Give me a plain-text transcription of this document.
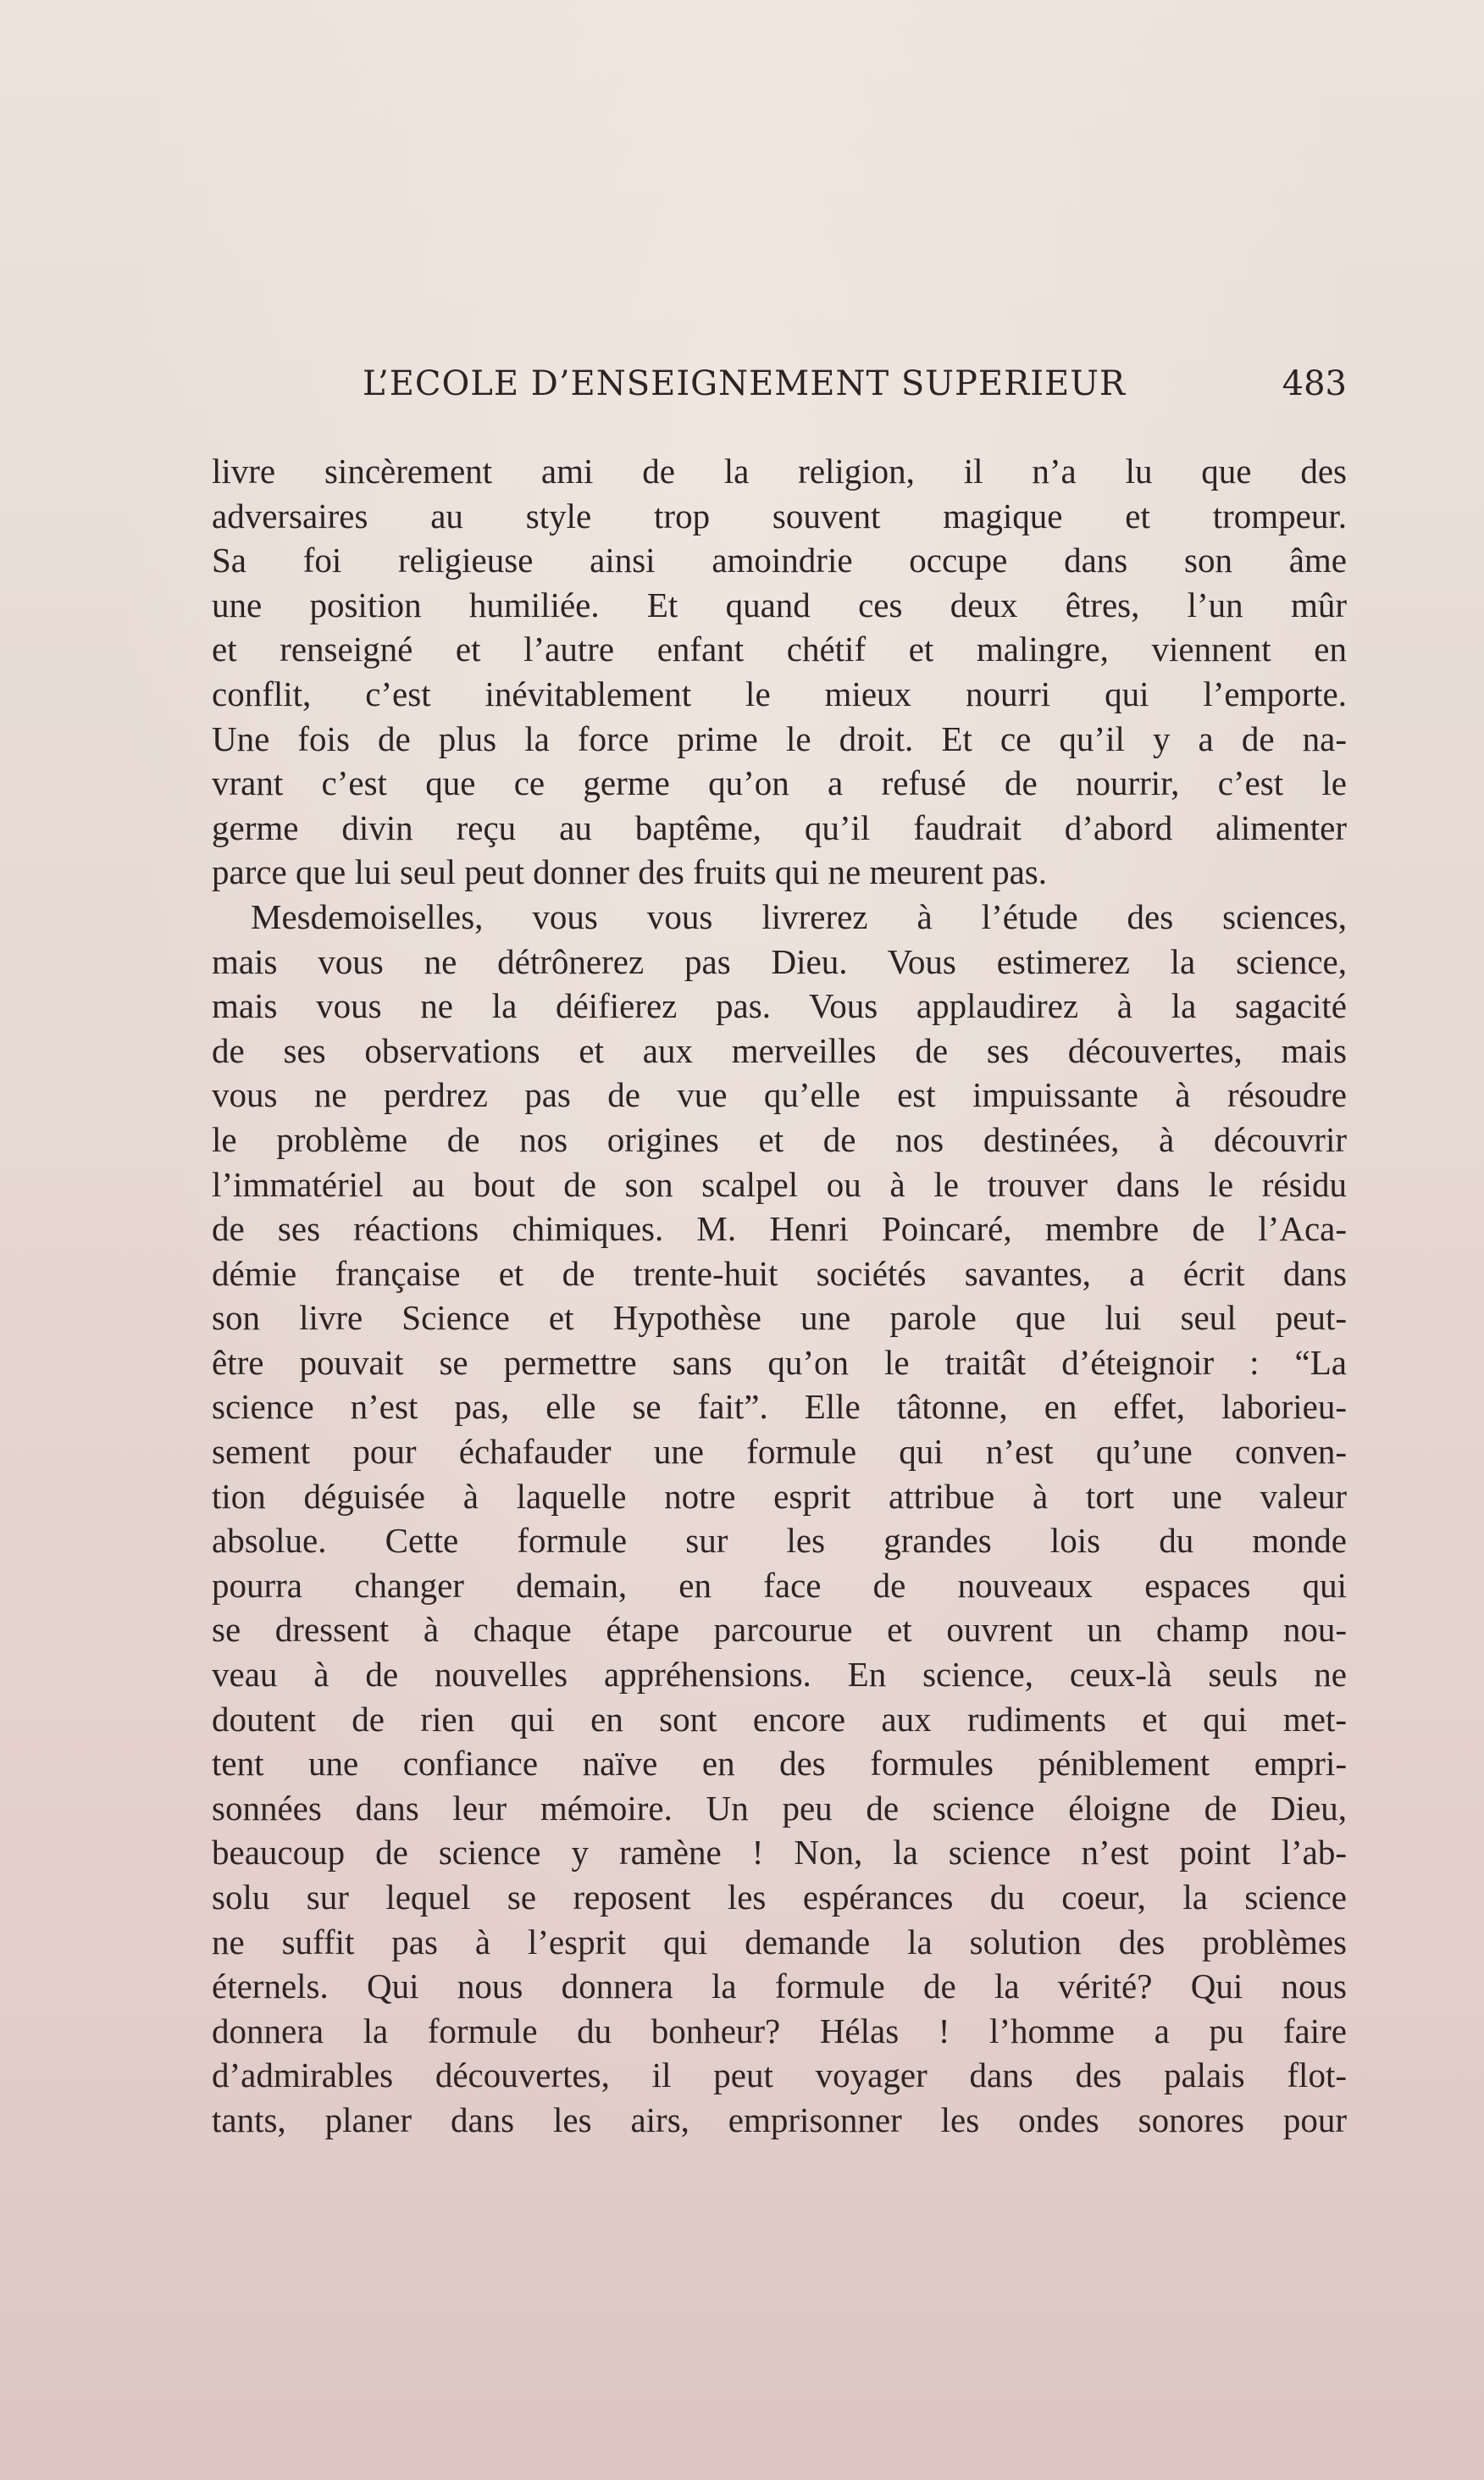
L’ECOLE D’ENSEIGNEMENT SUPERIEUR	483
livre sincèrement ami de la religion, il n’a lu que des
adversaires au style trop souvent magique et trompeur.
Sa foi religieuse ainsi amoindrie occupe dans son âme
une position humiliée. Et quand ces deux êtres, l’un mûr
et renseigné et l’autre enfant chétif et malingre, viennent en
conflit, c’est inévitablement le mieux nourri qui l’emporte.
Une fois de plus la force prime le droit. Et ce qu’il y a de na-
vrant c’est que ce germe qu’on a refusé de nourrir, c’est le
germe divin reçu au baptême, qu’il faudrait d’abord alimenter
parce que lui seul peut donner des fruits qui ne meurent pas.
Mesdemoiselles, vous vous livrerez à l’étude des sciences,
mais vous ne détrônerez pas Dieu. Vous estimerez la science,
mais vous ne la déifierez pas. Vous applaudirez à la sagacité
de ses observations et aux merveilles de ses découvertes, mais
vous ne perdrez pas de vue qu’elle est impuissante à résoudre
le problème de nos origines et de nos destinées, à découvrir
l’immatériel au bout de son scalpel ou à le trouver dans le résidu
de ses réactions chimiques. M. Henri Poincaré, membre de l’Aca-
démie française et de trente-huit sociétés savantes, a écrit dans
son livre Science et Hypothèse une parole que lui seul peut-
être pouvait se permettre sans qu’on le traitât d’éteignoir : “La
science n’est pas, elle se fait”. Elle tâtonne, en effet, laborieu-
sement pour échafauder une formule qui n’est qu’une conven-
tion déguisée à laquelle notre esprit attribue à tort une valeur
absolue. Cette formule sur les grandes lois du monde
pourra changer demain, en face de nouveaux espaces qui
se dressent à chaque étape parcourue et ouvrent un champ nou-
veau à de nouvelles appréhensions. En science, ceux-là seuls ne
doutent de rien qui en sont encore aux rudiments et qui met-
tent une confiance naïve en des formules péniblement empri-
sonnées dans leur mémoire. Un peu de science éloigne de Dieu,
beaucoup de science y ramène ! Non, la science n’est point l’ab-
solu sur lequel se reposent les espérances du coeur, la science
ne suffit pas à l’esprit qui demande la solution des problèmes
éternels. Qui nous donnera la formule de la vérité? Qui nous
donnera la formule du bonheur? Hélas ! l’homme a pu faire
d’admirables découvertes, il peut voyager dans des palais flot-
tants, planer dans les airs, emprisonner les ondes sonores pour
